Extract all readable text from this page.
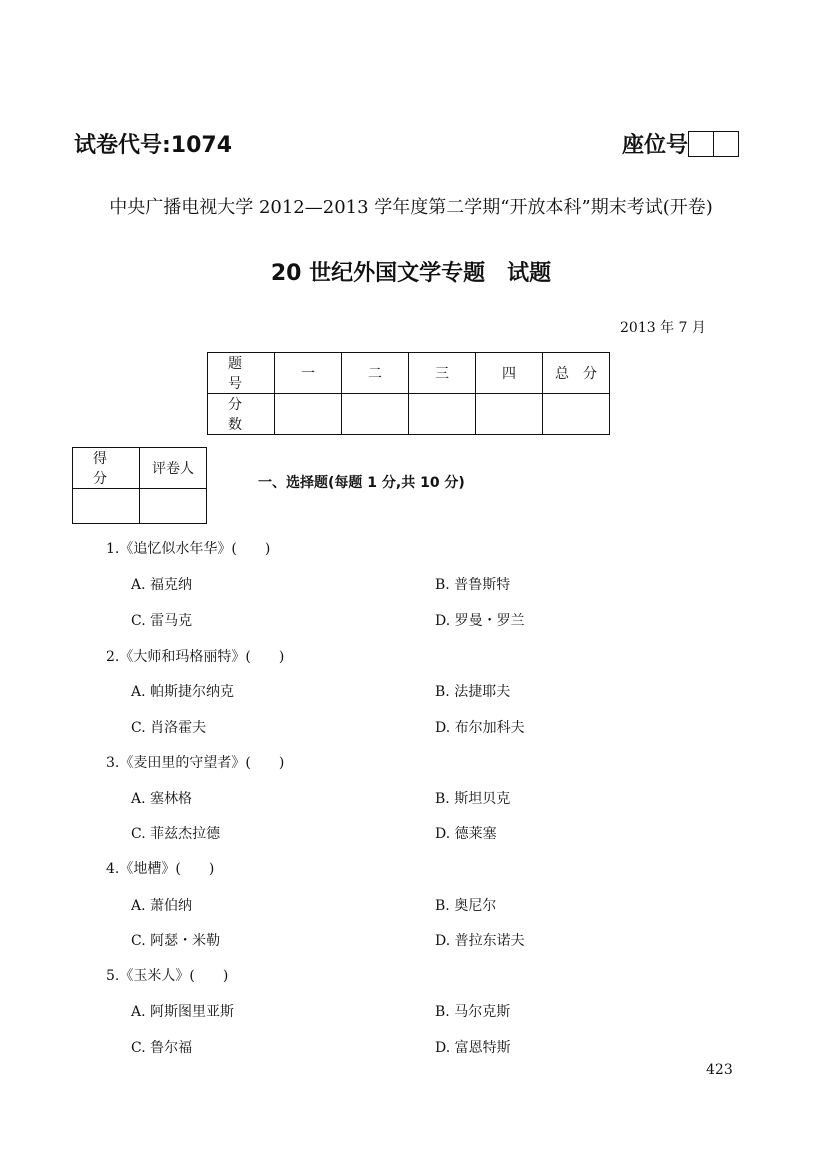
试卷代号:1074	座位号
中央广播电视大学 2012—2013 学年度第二学期“开放本科”期末考试(开卷)
20 世纪外国文学专题　试题
2013 年 7 月
题　号	一	二	三	四	总　分
分　数					
得 分	评卷人

一、选择题(每题 1 分,共 10 分)
1.《追忆似水年华》(　　)
A. 福克纳	B. 普鲁斯特
C. 雷马克	D. 罗曼・罗兰
2.《大师和玛格丽特》(　　)
A. 帕斯捷尔纳克	B. 法捷耶夫
C. 肖洛霍夫	D. 布尔加科夫
3.《麦田里的守望者》(　　)
A. 塞林格	B. 斯坦贝克
C. 菲兹杰拉德	D. 德莱塞
4.《地槽》(　　)
A. 萧伯纳	B. 奥尼尔
C. 阿瑟・米勒	D. 普拉东诺夫
5.《玉米人》(　　)
A. 阿斯图里亚斯	B. 马尔克斯
C. 鲁尔福	D. 富恩特斯
423
